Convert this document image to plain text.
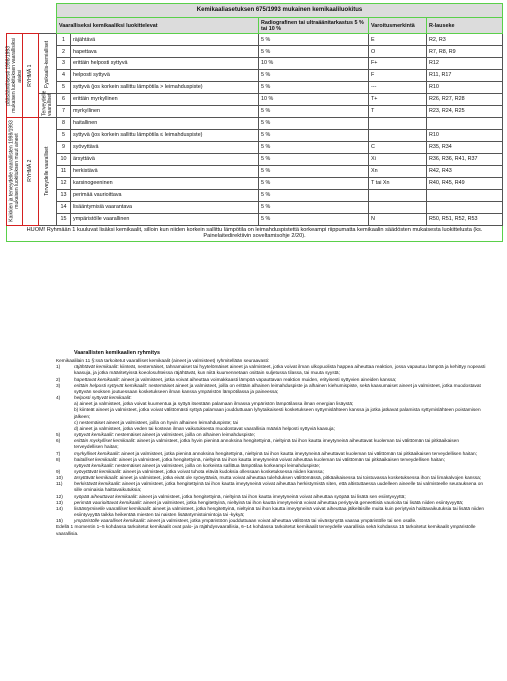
			Kemikaaliasetuksen 675/1993 mukainen kemikaaliluokitus				
			Vaaralliseksi kemikaaliksi luokittelevat		Radiografinen tai ultraäänitarkastus 5 % tai 10 %	Varoitusmerkintä	R-lauseke
pääsääntöisesti 1998/1993 mukaisen luokituksen vaarallisiksi aiaksi	RYHMÄ 1	Fysikaalis-kemialliset	1	räjähtävä	5 %	E	R2, R3
			2	hapettava	5 %	O	R7, R8, R9
			3	erittäin helposti syttyvä	10 %	F+	R12
			4	helposti syttyvä	5 %	F	R11, R17
			5	syttyvä (jos korkein sallittu lämpötila > leimahduspiste)	5 %	---	R10
		Terveydelle vaaralliset	6	erittäin myrkyllinen	10 %	T+	R26, R27, R28
			7	myrkyllinen	5 %	T	R23, R24, R25
Kaikkien ja terveydelle vaarallisten 1998/1993 mukaisen luokituksen muut aineet	RYHMÄ 2	Terveydelle vaaralliset	8	haitallinen	5 %		
			5	syttyvä (jos korkein sallittu lämpötila ≤ leimahduspiste)	5 %		R10
			9	syövyttävä	5 %	C	R35, R34
			10	ärsyttävä	5 %	Xi	R36, R36, R41, R37
			11	herkistävä	5 %	Xn	R42, R43
			12	karsinogeeninen	5 %	T tai Xn	R40, R45, R49
			13	perimää vaurioittava	5 %		
			14	lisääntymisiä vaarantava	5 %		
			15	ympäristölle vaarallinen	5 %	N	R50, R51, R52, R53
HUOM! Ryhmään 1 kuuluvat lisäksi kemikaalit, silloin kun niiden korkein sallittu lämpötila on leimahduspistettä korkeampi riippumatta kemikaalin säädösten mukaisesta luokittelusta (ks. Painelaitedirektiivin soveltamisohje 2/20).							
Vaarallisten kemikaalien ryhmitys

Kemikaalilain 11 §:ssä tarkoitetut vaaralliset kemikaalit (aineet ja valmisteet) ryhmitellään seuraavasti:

1)	räjähtävät kemikaalit: kiinteät, nestemäiset, tahnamaiset tai hyytelömäiset aineet ja valmisteet, jotka voivat ilman ulkopuolista happea aiheuttaa reaktion, jossa vapautuu lämpöä ja kehittyy nopeasti kaasuja, ja jotka määritetyissä koeolosuhteissa räjähtävät, kun niitä kuumennetaan osittain suljetussa tilassa, tai muuta syystä;
2)	hapettavat kemikaalit: aineet ja valmisteet, jotka voivat aiheuttaa voimakkaasti lämpöä vapauttavan reaktion muiden, erityisesti syttyvien aineiden kanssa;
3)	erittäin helposti syttyvät kemikaalit: nestemäiset aineet ja valmisteet, joilla on erittäin alhainen leimahduspiste ja alhainen kiehumispiste, sekä kaasumaiset aineet ja valmisteet, jotka muodostavat syttyvän seoksen joutuessaan kosketukseen ilman kanssa ympäristön lämpötilassa ja paineessa;
4)	helposti syttyvät kemikaalit:
a) aineet ja valmisteet, jotka voivat kuumentua ja syttyä itsestään palamaan ilmassa ympäristön lämpötilassa ilman energian lisäystä;
b) kiinteät aineet ja valmisteet, jotka voivat välittömästi syttyä palamaan joudduttuaan lyhytaikaisesti kosketukseen syttymislähteen kanssa ja jotka jatkavat palamista syttymislähteen poistamisen jälkeen;
c) nestemäiset aineet ja valmisteet, joilla on hyvin alhainen leimahduspiste; tai
d) aineet ja valmisteet, jotka veden tai kostean ilman vaikutuksesta muodostavat vaarallisia määriä helposti syttyviä kaasuja;
5)	syttyvät kemikaalit: nestemäiset aineet ja valmisteet, joilla on alhainen leimahduspiste;
6)	erittäin myrkylliset kemikaalit: aineet ja valmisteet, jotka hyvin pieninä annoksina hengitettyinä, nieltyinä tai ihon kautta imeytyneinä aiheuttavat kuoleman tai välittömän tai pitkäaikaisen terveydellisen haitan;
7)	myrkylliset kemikaalit: aineet ja valmisteet, jotka pieninä annoksina hengitettyinä, nieltyinä tai ihon kautta imeytyneinä aiheuttavat kuoleman tai välittömän tai pitkäaikaisen terveydellisen haitan;
8)	haitalliset kemikaalit: aineet ja valmisteet, jotka hengitettyinä, nieltyinä tai ihon kautta imeytyneinä voivat aiheuttaa kuoleman tai välittömän tai pitkäaikaisen terveydellisen haitan;
syttyvät kemikaalit: nestemäiset aineet ja valmisteet, joilla on korkeinta sallittua lämpötilaa korkeampi leimahduspiste;
9)	syövyttävät kemikaalit: aineet ja valmisteet, jotka voivat tuhota eläviä kudoksia ollessaan kosketuksessa niiden kanssa;
10) ärsyttävät kemikaalit: aineet ja valmisteet, jotka eivät ole syövyttäviä, mutta voivat aiheuttaa tulehduksen välittömässä, pitkäaikaisessa tai toistuvassa kosketuksessa ihon tai limakalvojen kanssa;
11) herkistävät kemikaalit: aineet ja valmisteet, jotka hengitettyinä tai ihon kautta imeytyneinä voivat aiheuttaa herkistymistä siten, että altistuttaessa uudelleen aineelle tai valmisteelle seurauksena on sille ominaisia haittavaikutuksia;
12) syöpää aiheuttavat kemikaalit: aineet ja valmisteet, jotka hengitettyinä, nieltyinä tai ihon kautta imeytyneinä voivat aiheuttaa syöpää tai lisätä sen esiintyvyyttä;
13) perimää vaurioittavat kemikaalit: aineet ja valmisteet, jotka hengitettyinä, nieltyinä tai ihon kautta imeytyneinä voivat aiheuttaa periytyviä geneettisiä vaurioita tai lisätä niiden esiintyvyyttä;
14) lisääntymiselle vaaralliset kemikaalit: aineet ja valmisteet, jotka hengitettyinä, nieltyinä tai ihon kautta imeytyneinä voivat aiheuttaa jälkeläisille muita kuin periytyviä haittavaikutuksia tai lisätä niiden esiintyvyyttä taikka heikentää miesten tai naisten lisääntymistoimintoja tai -kykyä;
15) ympäristölle vaaralliset kemikaalit: aineet ja valmisteet, jotka ympäristöön joudduttuaan voivat aiheuttaa välitöntä tai viivästynyttä vaaraa ympäristölle tai sen osalle.

Edellä 1 momentin 1–5 kohdassa tarkoitetut kemikaalit ovat palo- ja räjähdysvaarallisia, 6–14 kohdassa tarkoitetut kemikaalit terveydelle vaarallisia sekä kohdassa 15 tarkoitetut kemikaalit ympäristölle vaarallisia.
